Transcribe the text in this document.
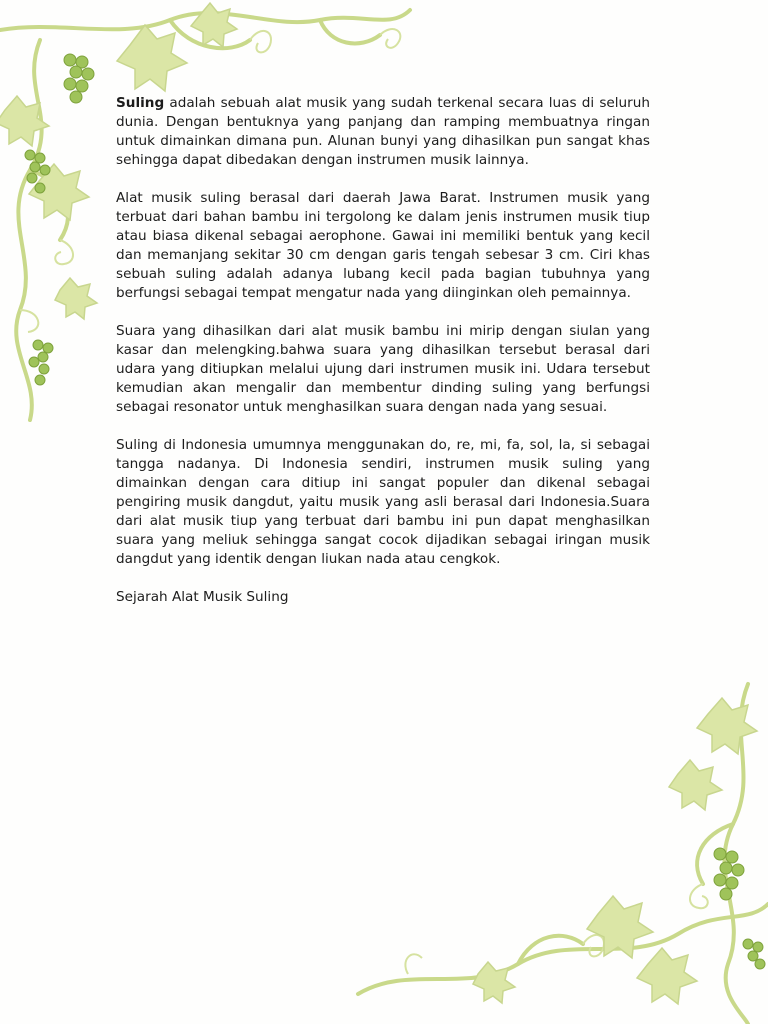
Suling adalah sebuah alat musik yang sudah terkenal secara luas di seluruh dunia. Dengan bentuknya yang panjang dan ramping membuatnya ringan untuk dimainkan dimana pun. Alunan bunyi yang dihasilkan pun sangat khas sehingga dapat dibedakan dengan instrumen musik lainnya.

Alat musik suling berasal dari daerah Jawa Barat. Instrumen musik yang terbuat dari bahan bambu ini tergolong ke dalam jenis instrumen musik tiup atau biasa dikenal sebagai aerophone. Gawai ini memiliki bentuk yang kecil dan memanjang sekitar 30 cm dengan garis tengah sebesar 3 cm. Ciri khas sebuah suling adalah adanya lubang kecil pada bagian tubuhnya yang berfungsi sebagai tempat mengatur nada yang diinginkan oleh pemainnya.

Suara yang dihasilkan dari alat musik bambu ini mirip dengan siulan yang kasar dan melengking.bahwa suara yang dihasilkan tersebut berasal dari udara yang ditiupkan melalui ujung dari instrumen musik ini. Udara tersebut kemudian akan mengalir dan membentur dinding suling yang berfungsi sebagai resonator untuk menghasilkan suara dengan nada yang sesuai.

Suling di Indonesia umumnya menggunakan do, re, mi, fa, sol, la, si sebagai tangga nadanya. Di Indonesia sendiri, instrumen musik suling yang dimainkan dengan cara ditiup ini sangat populer dan dikenal sebagai pengiring musik dangdut, yaitu musik yang asli berasal dari Indonesia.Suara dari alat musik tiup yang terbuat dari bambu ini pun dapat menghasilkan suara yang meliuk sehingga sangat cocok dijadikan sebagai iringan musik dangdut yang identik dengan liukan nada atau cengkok.

Sejarah Alat Musik Suling
